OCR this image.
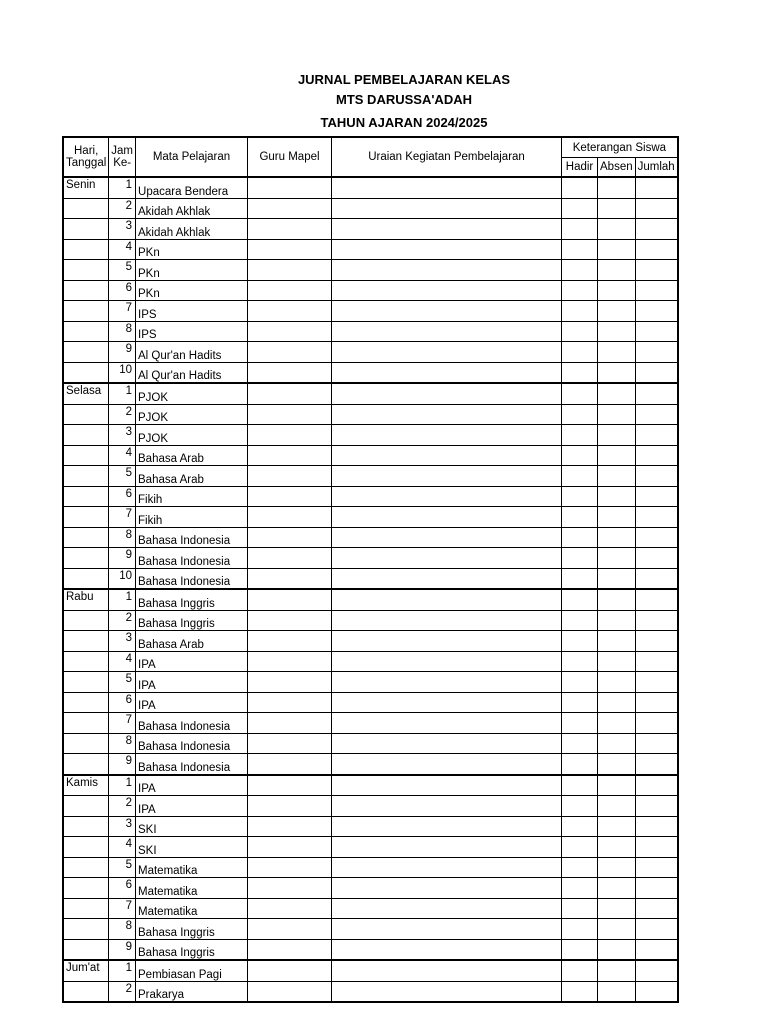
JURNAL PEMBELAJARAN KELAS
MTS DARUSSA'ADAH
TAHUN AJARAN 2024/2025
Hari, Tanggal	Jam Ke-	Mata Pelajaran	Guru Mapel	Uraian Kegiatan Pembelajaran	Keterangan Siswa		
					Hadir	Absen	Jumlah
Senin	1	Upacara Bendera					
	2	Akidah Akhlak					
	3	Akidah Akhlak					
	4	PKn					
	5	PKn					
	6	PKn					
	7	IPS					
	8	IPS					
	9	Al Qur'an Hadits					
	10	Al Qur'an Hadits					
Selasa	1	PJOK					
	2	PJOK					
	3	PJOK					
	4	Bahasa Arab					
	5	Bahasa Arab					
	6	Fikih					
	7	Fikih					
	8	Bahasa Indonesia					
	9	Bahasa Indonesia					
	10	Bahasa Indonesia					
Rabu	1	Bahasa Inggris					
	2	Bahasa Inggris					
	3	Bahasa Arab					
	4	IPA					
	5	IPA					
	6	IPA					
	7	Bahasa Indonesia					
	8	Bahasa Indonesia					
	9	Bahasa Indonesia					
Kamis	1	IPA					
	2	IPA					
	3	SKI					
	4	SKI					
	5	Matematika					
	6	Matematika					
	7	Matematika					
	8	Bahasa Inggris					
	9	Bahasa Inggris					
Jum'at	1	Pembiasan Pagi					
	2	Prakarya					
